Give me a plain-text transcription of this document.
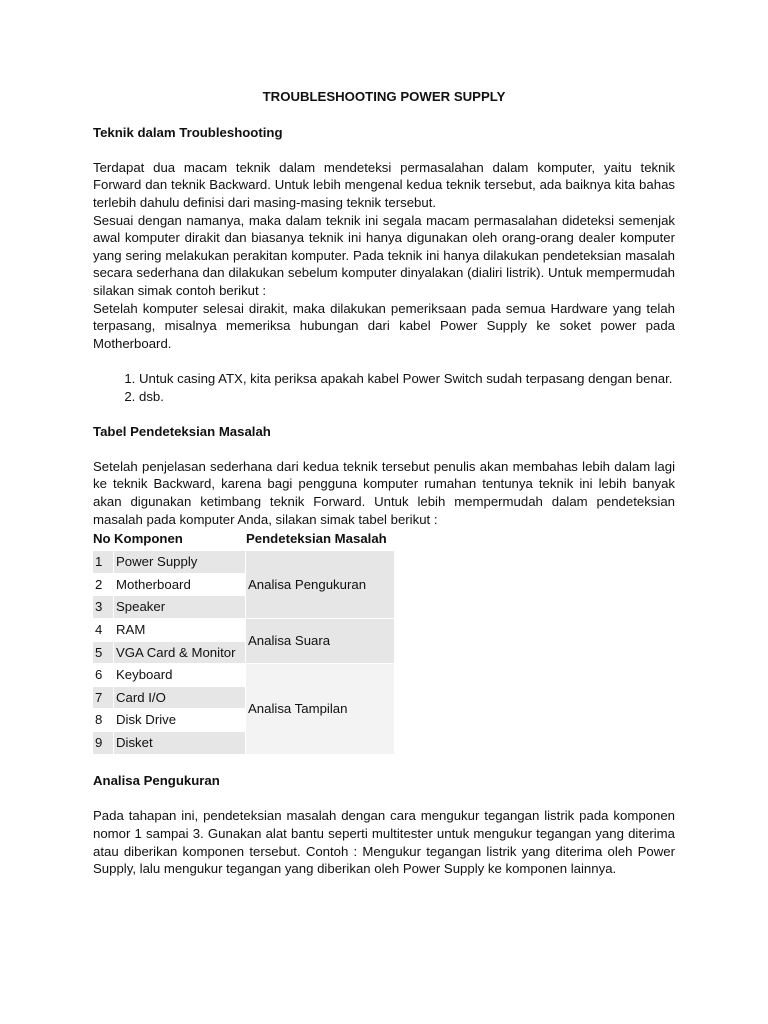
TROUBLESHOOTING POWER SUPPLY
Teknik dalam Troubleshooting

Terdapat dua macam teknik dalam mendeteksi permasalahan dalam komputer, yaitu teknik Forward dan teknik Backward. Untuk lebih mengenal kedua teknik tersebut, ada baiknya kita bahas terlebih dahulu definisi dari masing-masing teknik tersebut.

Sesuai dengan namanya, maka dalam teknik ini segala macam permasalahan dideteksi semenjak awal komputer dirakit dan biasanya teknik ini hanya digunakan oleh orang-orang dealer komputer yang sering melakukan perakitan komputer. Pada teknik ini hanya dilakukan pendeteksian masalah secara sederhana dan dilakukan sebelum komputer dinyalakan (dialiri listrik). Untuk mempermudah silakan simak contoh berikut :

Setelah komputer selesai dirakit, maka dilakukan pemeriksaan pada semua Hardware yang telah terpasang, misalnya memeriksa hubungan dari kabel Power Supply ke soket power pada Motherboard.

1. Untuk casing ATX, kita periksa apakah kabel Power Switch sudah terpasang dengan benar.
2. dsb.
Tabel Pendeteksian Masalah

Setelah penjelasan sederhana dari kedua teknik tersebut penulis akan membahas lebih dalam lagi ke teknik Backward, karena bagi pengguna komputer rumahan tentunya teknik ini lebih banyak akan digunakan ketimbang teknik Forward. Untuk lebih mempermudah dalam pendeteksian masalah pada komputer Anda, silakan simak tabel berikut :

No	Komponen	Pendeteksian Masalah
1	Power Supply	Analisa Pengukuran
2	Motherboard	
3	Speaker	
4	RAM	Analisa Suara
5	VGA Card & Monitor	
6	Keyboard	Analisa Tampilan
7	Card I/O	
8	Disk Drive	
9	Disket	
Analisa Pengukuran

Pada tahapan ini, pendeteksian masalah dengan cara mengukur tegangan listrik pada komponen nomor 1 sampai 3. Gunakan alat bantu seperti multitester untuk mengukur tegangan yang diterima atau diberikan komponen tersebut. Contoh : Mengukur tegangan listrik yang diterima oleh Power Supply, lalu mengukur tegangan yang diberikan oleh Power Supply ke komponen lainnya.
